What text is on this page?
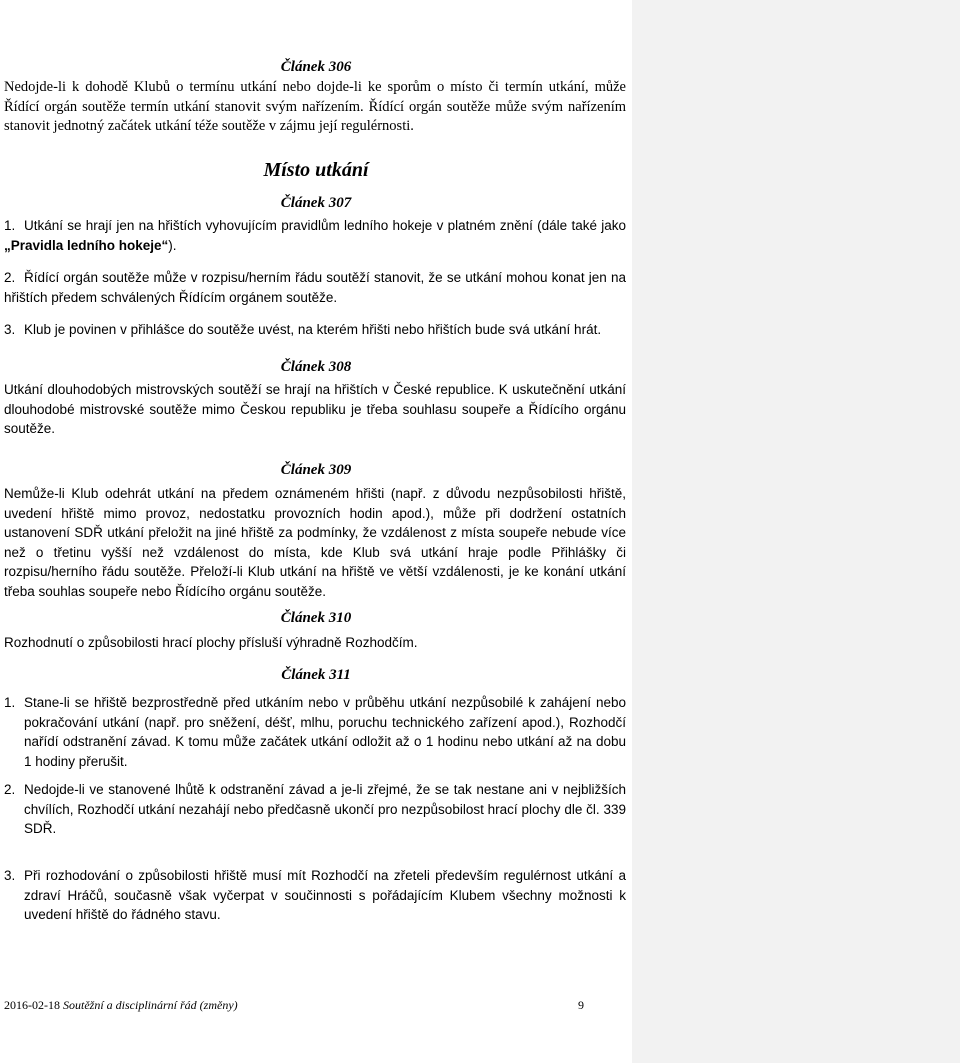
Článek 306
Nedojde-li k dohodě Klubů o termínu utkání nebo dojde-li ke sporům o místo či termín utkání, může Řídící orgán soutěže termín utkání stanovit svým nařízením. Řídící orgán soutěže může svým nařízením stanovit jednotný začátek utkání téže soutěže v zájmu její regulérnosti.
Místo utkání
Článek 307
1. Utkání se hrají jen na hřištích vyhovujícím pravidlům ledního hokeje v platném znění (dále také jako „Pravidla ledního hokeje“).
2. Řídící orgán soutěže může v rozpisu/herním řádu soutěží stanovit, že se utkání mohou konat jen na hřištích předem schválených Řídícím orgánem soutěže.
3. Klub je povinen v přihlášce do soutěže uvést, na kterém hřišti nebo hřištích bude svá utkání hrát.
Článek 308
Utkání dlouhodobých mistrovských soutěží se hrají na hřištích v České republice. K uskutečnění utkání dlouhodobé mistrovské soutěže mimo Českou republiku je třeba souhlasu soupeře a Řídícího orgánu soutěže.
Článek 309
Nemůže-li Klub odehrát utkání na předem oznámeném hřišti (např. z důvodu nezpůsobilosti hřiště, uvedení hřiště mimo provoz, nedostatku provozních hodin apod.), může při dodržení ostatních ustanovení SDŘ utkání přeložit na jiné hřiště za podmínky, že vzdálenost z místa soupeře nebude více než o třetinu vyšší než vzdálenost do místa, kde Klub svá utkání hraje podle Přihlášky či rozpisu/herního řádu soutěže. Přeloží-li Klub utkání na hřiště ve větší vzdálenosti, je ke konání utkání třeba souhlas soupeře nebo Řídícího orgánu soutěže.
Článek 310
Rozhodnutí o způsobilosti hrací plochy přísluší výhradně Rozhodčím.
Článek 311
1. Stane-li se hřiště bezprostředně před utkáním nebo v průběhu utkání nezpůsobilé k zahájení nebo pokračování utkání (např. pro sněžení, déšť, mlhu, poruchu technického zařízení apod.), Rozhodčí nařídí odstranění závad. K tomu může začátek utkání odložit až o 1 hodinu nebo utkání až na dobu 1 hodiny přerušit.
2. Nedojde-li ve stanovené lhůtě k odstranění závad a je-li zřejmé, že se tak nestane ani v nejbližších chvílích, Rozhodčí utkání nezahájí nebo předčasně ukončí pro nezpůsobilost hrací plochy dle čl. 339 SDŘ.
3. Při rozhodování o způsobilosti hřiště musí mít Rozhodčí na zřeteli především regulérnost utkání a zdraví Hráčů, současně však vyčerpat v součinnosti s pořádajícím Klubem všechny možnosti k uvedení hřiště do řádného stavu.
2016-02-18 Soutěžní a disciplinární řád (změny)	9
